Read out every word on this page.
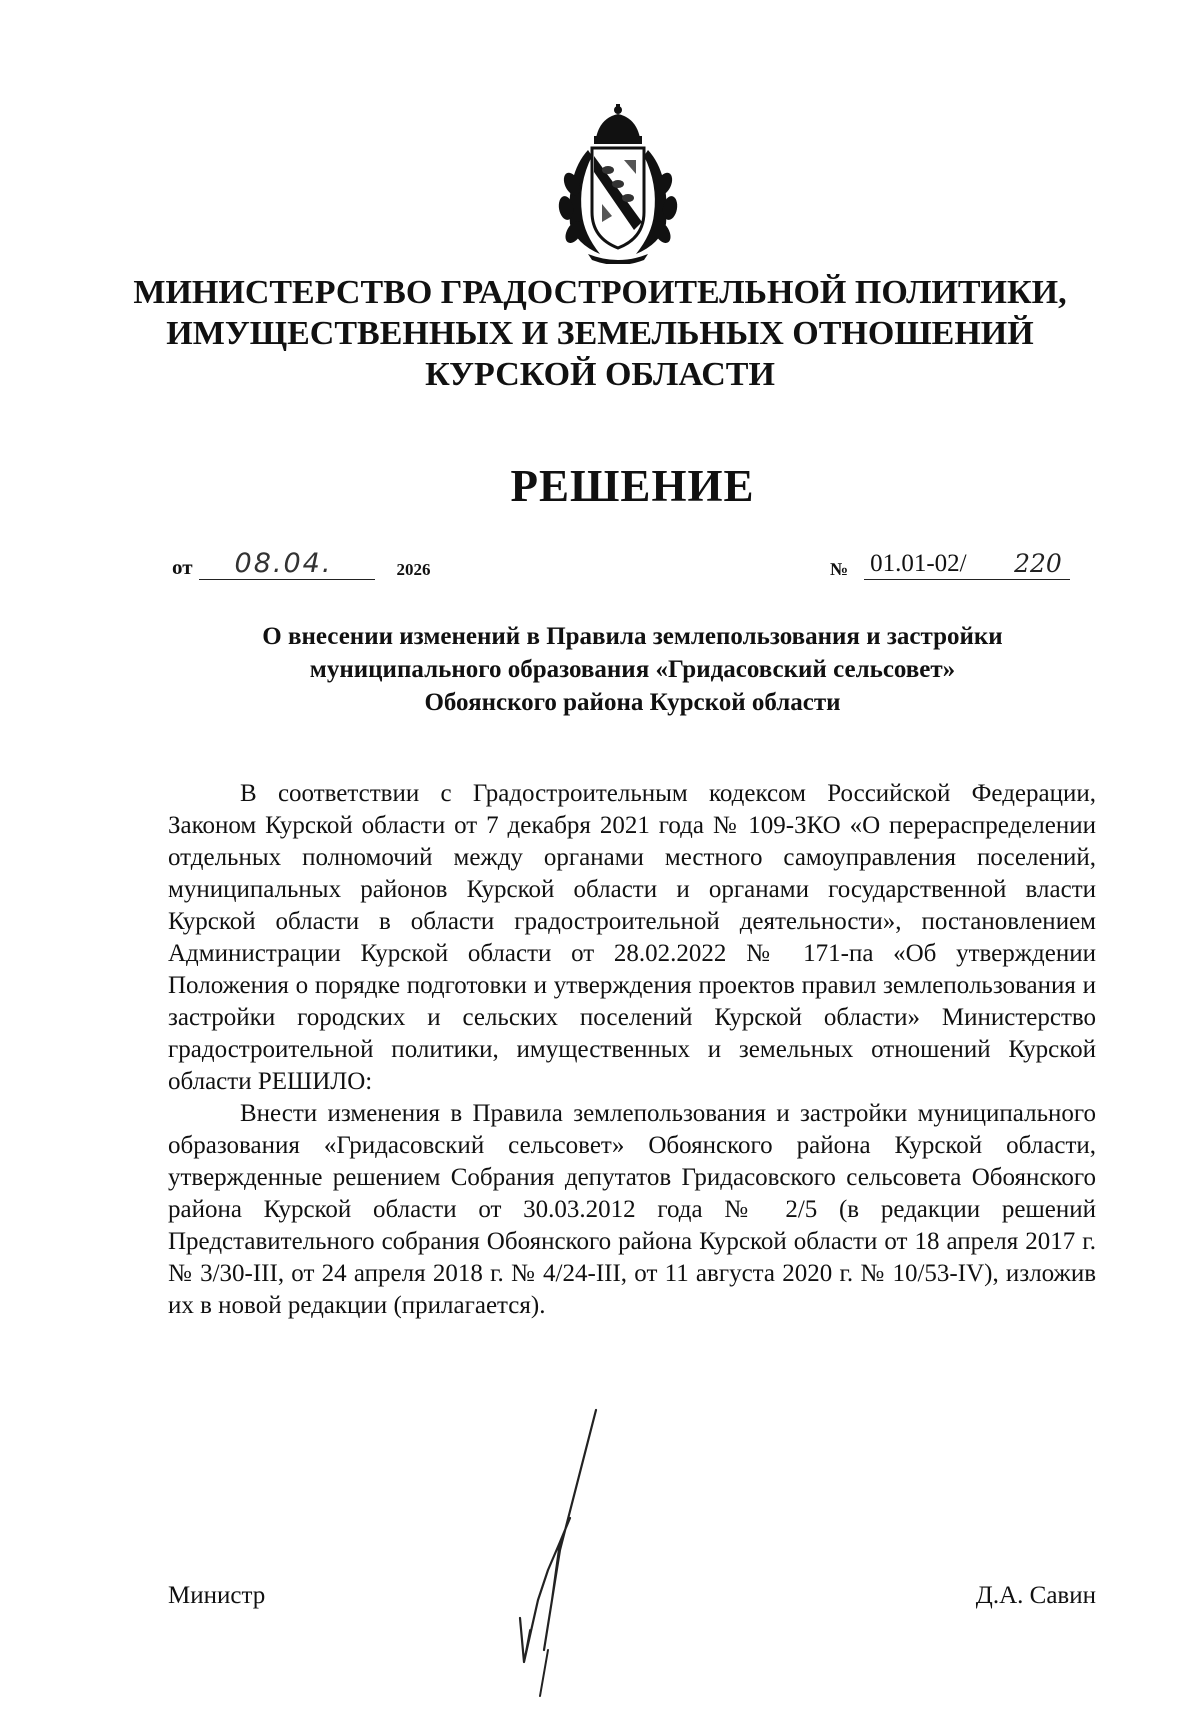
МИНИСТЕРСТВО ГРАДОСТРОИТЕЛЬНОЙ ПОЛИТИКИ,
ИМУЩЕСТВЕННЫХ И ЗЕМЕЛЬНЫХ ОТНОШЕНИЙ
КУРСКОЙ ОБЛАСТИ
РЕШЕНИЕ
от 08.04.	2026	№ 01.01-02/ 220
О внесении изменений в Правила землепользования и застройки
муниципального образования «Гридасовский сельсовет»
Обоянского района Курской области

В соответствии с Градостроительным кодексом Российской Федерации, Законом Курской области от 7 декабря 2021 года № 109-ЗКО «О перераспределении отдельных полномочий между органами местного самоуправления поселений, муниципальных районов Курской области и органами государственной власти Курской области в области градостроительной деятельности», постановлением Администрации Курской области от 28.02.2022 № 171-па «Об утверждении Положения о порядке подготовки и утверждения проектов правил землепользования и застройки городских и сельских поселений Курской области» Министерство градостроительной политики, имущественных и земельных отношений Курской области РЕШИЛО:

Внести изменения в Правила землепользования и застройки муниципального образования «Гридасовский сельсовет» Обоянского района Курской области, утвержденные решением Собрания депутатов Гридасовского сельсовета Обоянского района Курской области от 30.03.2012 года № 2/5 (в редакции решений Представительного собрания Обоянского района Курской области от 18 апреля 2017 г. № 3/30-III, от 24 апреля 2018 г. № 4/24-III, от 11 августа 2020 г. № 10/53-IV), изложив их в новой редакции (прилагается).

Министр	Д.А. Савин
